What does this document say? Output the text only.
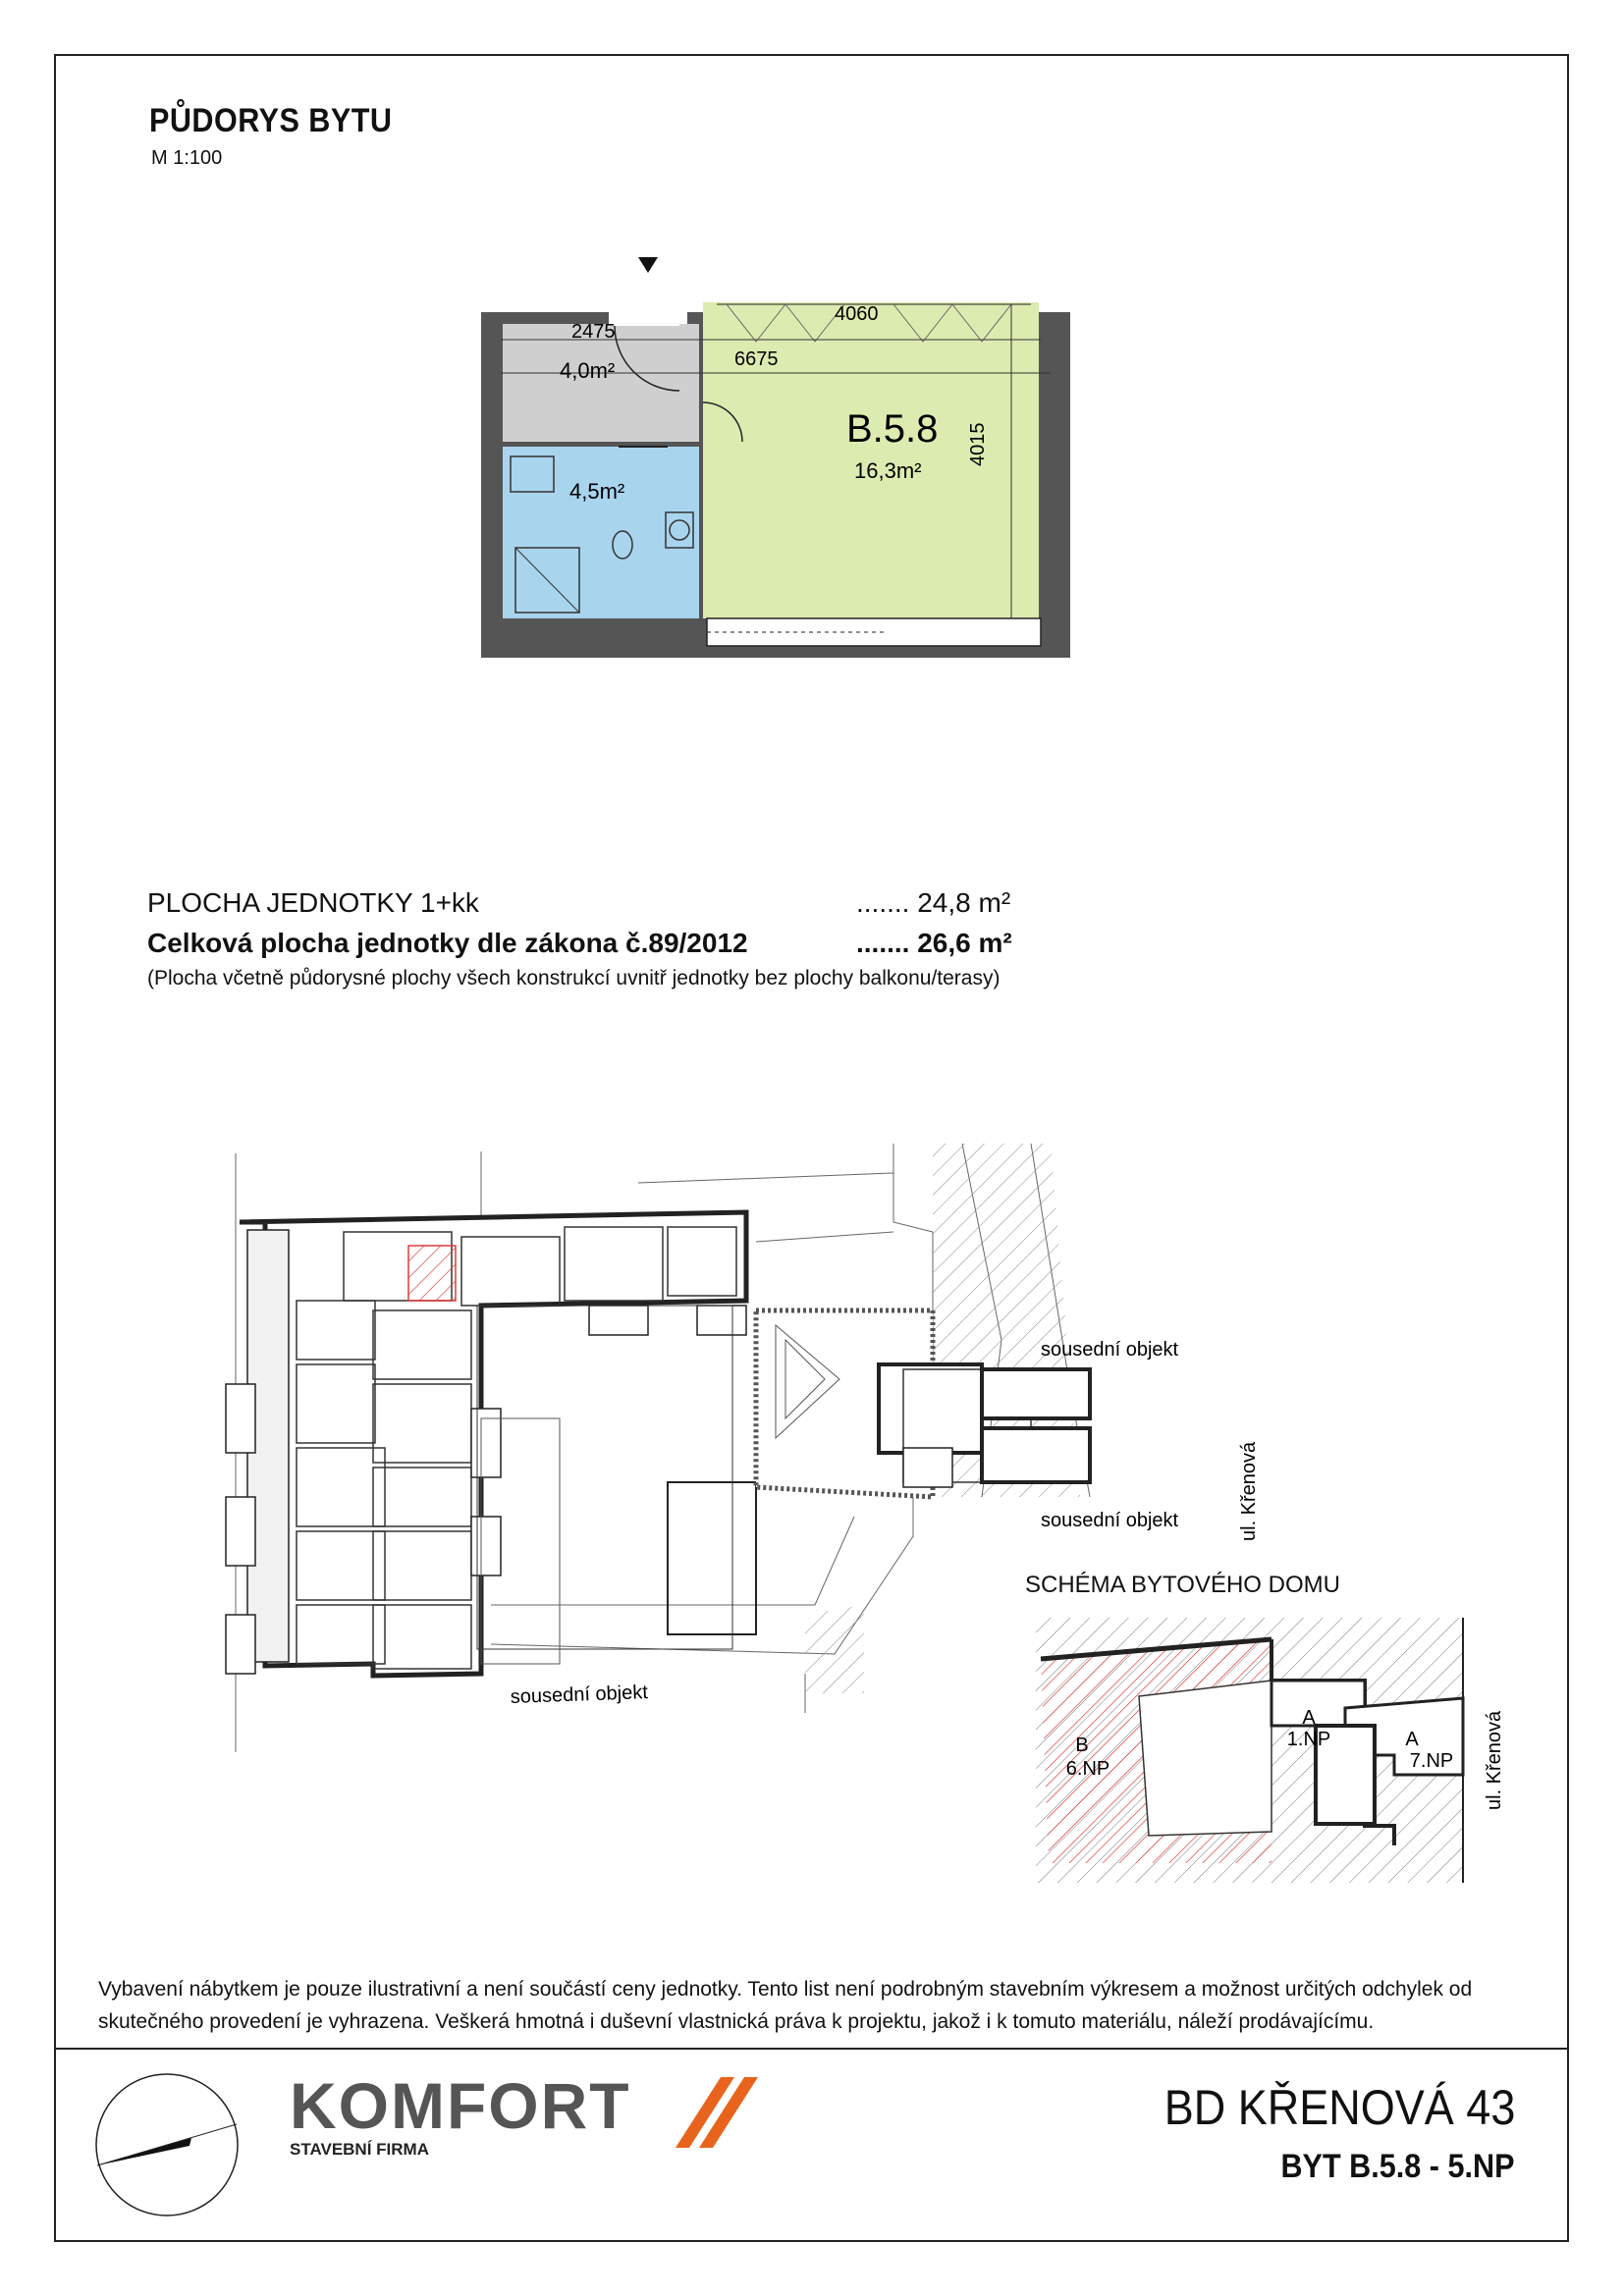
PŮDORYS BYTU
M 1:100
2475
4060
6675
4015
B.5.8
16,3m²
4,0m²
4,5m²
PLOCHA JEDNOTKY 1+kk	....... 24,8 m²
Celková plocha jednotky dle zákona č.89/2012	....... 26,6 m²
(Plocha včetně půdorysné plochy všech konstrukcí uvnitř jednotky bez plochy balkonu/terasy)
sousední objekt
sousední objekt
sousední objekt
ul. Křenová
SCHÉMA BYTOVÉHO DOMU
B
6.NP
A
1.NP	A
7.NP ul. Křenová
Vybavení nábytkem je pouze ilustrativní a není součástí ceny jednotky. Tento list není podrobným stavebním výkresem a možnost určitých odchylek od skutečného provedení je vyhrazena. Veškerá hmotná i duševní vlastnická práva k projektu, jakož i k tomuto materiálu, náleží prodávajícímu.
KOMFORT
STAVEBNÍ FIRMA
BD KŘENOVÁ 43
BYT B.5.8 - 5.NP
